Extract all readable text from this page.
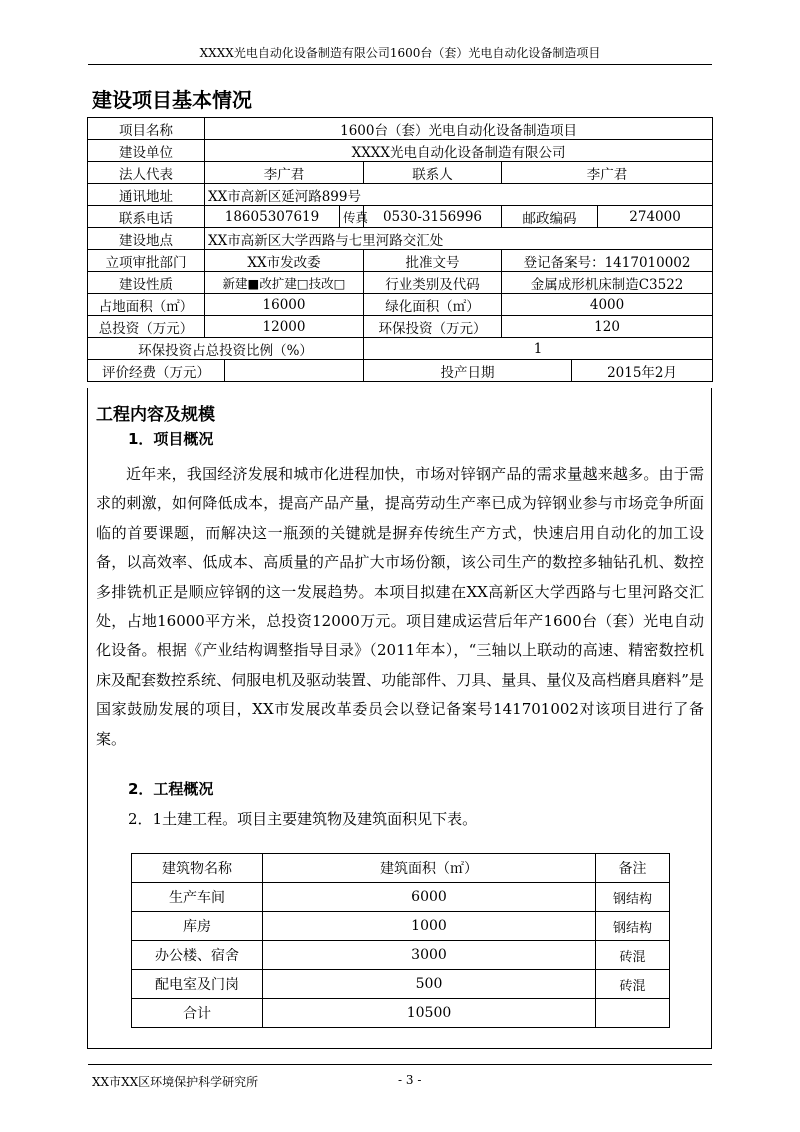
XXXX光电自动化设备制造有限公司1600台（套）光电自动化设备制造项目
建设项目基本情况
项目名称	1600台（套）光电自动化设备制造项目						
建设单位	XXXX光电自动化设备制造有限公司						
法人代表	李广君			联系人	李广君		
通讯地址	XX市高新区延河路899号						
联系电话	18605307619		传真	0530-3156996	邮政编码		274000
建设地点	XX市高新区大学西路与七里河路交汇处						
立项审批部门	XX市发改委			批准文号	登记备案号：1417010002		
建设性质	新建■改扩建□技改□			行业类别及代码	金属成形机床制造C3522		
占地面积（㎡）	16000			绿化面积（㎡）	4000		
总投资（万元）	12000			环保投资（万元）	120		
环保投资占总投资比例（%）				1			
评价经费（万元）				投产日期		2015年2月	
工程内容及规模
1．项目概况
近年来，我国经济发展和城市化进程加快，市场对锌钢产品的需求量越来越多。由于需求的刺激，如何降低成本，提高产品产量，提高劳动生产率已成为锌钢业参与市场竞争所面临的首要课题，而解决这一瓶颈的关键就是摒弃传统生产方式，快速启用自动化的加工设备，以高效率、低成本、高质量的产品扩大市场份额，该公司生产的数控多轴钻孔机、数控多排铣机正是顺应锌钢的这一发展趋势。本项目拟建在XX高新区大学西路与七里河路交汇处，占地16000平方米，总投资12000万元。项目建成运营后年产1600台（套）光电自动化设备。根据《产业结构调整指导目录》（2011年本），“三轴以上联动的高速、精密数控机床及配套数控系统、伺服电机及驱动装置、功能部件、刀具、量具、量仪及高档磨具磨料”是国家鼓励发展的项目，XX市发展改革委员会以登记备案号141701002对该项目进行了备案。
2．工程概况
2．1土建工程。项目主要建筑物及建筑面积见下表。
建筑物名称	建筑面积（㎡）	备注
生产车间	6000	钢结构
库房	1000	钢结构
办公楼、宿舍	3000	砖混
配电室及门岗	500	砖混
合计	10500	
XX市XX区环境保护科学研究所	- 3 -
